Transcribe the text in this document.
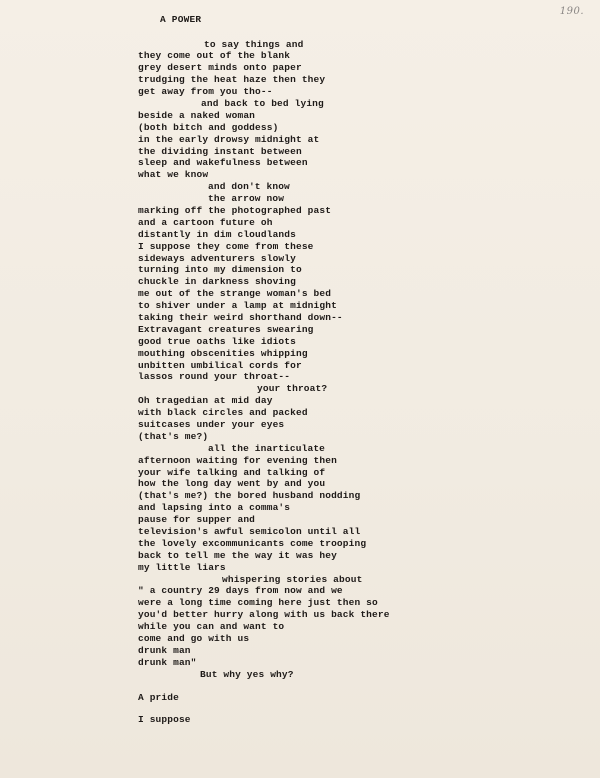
190.
A POWER
to say things and
they come out of the blank
grey desert minds onto paper
trudging the heat haze then they
get away from you tho--
and back to bed lying
beside a naked woman
(both bitch and goddess)
in the early drowsy midnight at
the dividing instant between
sleep and wakefulness between
what we know
and don't know
the arrow now
marking off the photographed past
and a cartoon future oh
distantly in dim cloudlands
I suppose they come from these
sideways adventurers slowly
turning into my dimension to
chuckle in darkness shoving
me out of the strange woman's bed
to shiver under a lamp at midnight
taking their weird shorthand down--
Extravagant creatures swearing
good true oaths like idiots
mouthing obscenities whipping
unbitten umbilical cords for
lassos round your throat--
your throat?
Oh tragedian at mid day
with black circles and packed
suitcases under your eyes
(that's me?)
all the inarticulate
afternoon waiting for evening then
your wife talking and talking of
how the long day went by and you
(that's me?) the bored husband nodding
and lapsing into a comma's
pause for supper and
television's awful semicolon until all
the lovely excommunicants come trooping
back to tell me the way it was hey
my little liars
whispering stories about
" a country 29 days from now and we
were a long time coming here just then so
you'd better hurry along with us back there
while you can and want to
come and go with us
drunk man
drunk man"
But why yes why?
A pride
I suppose
